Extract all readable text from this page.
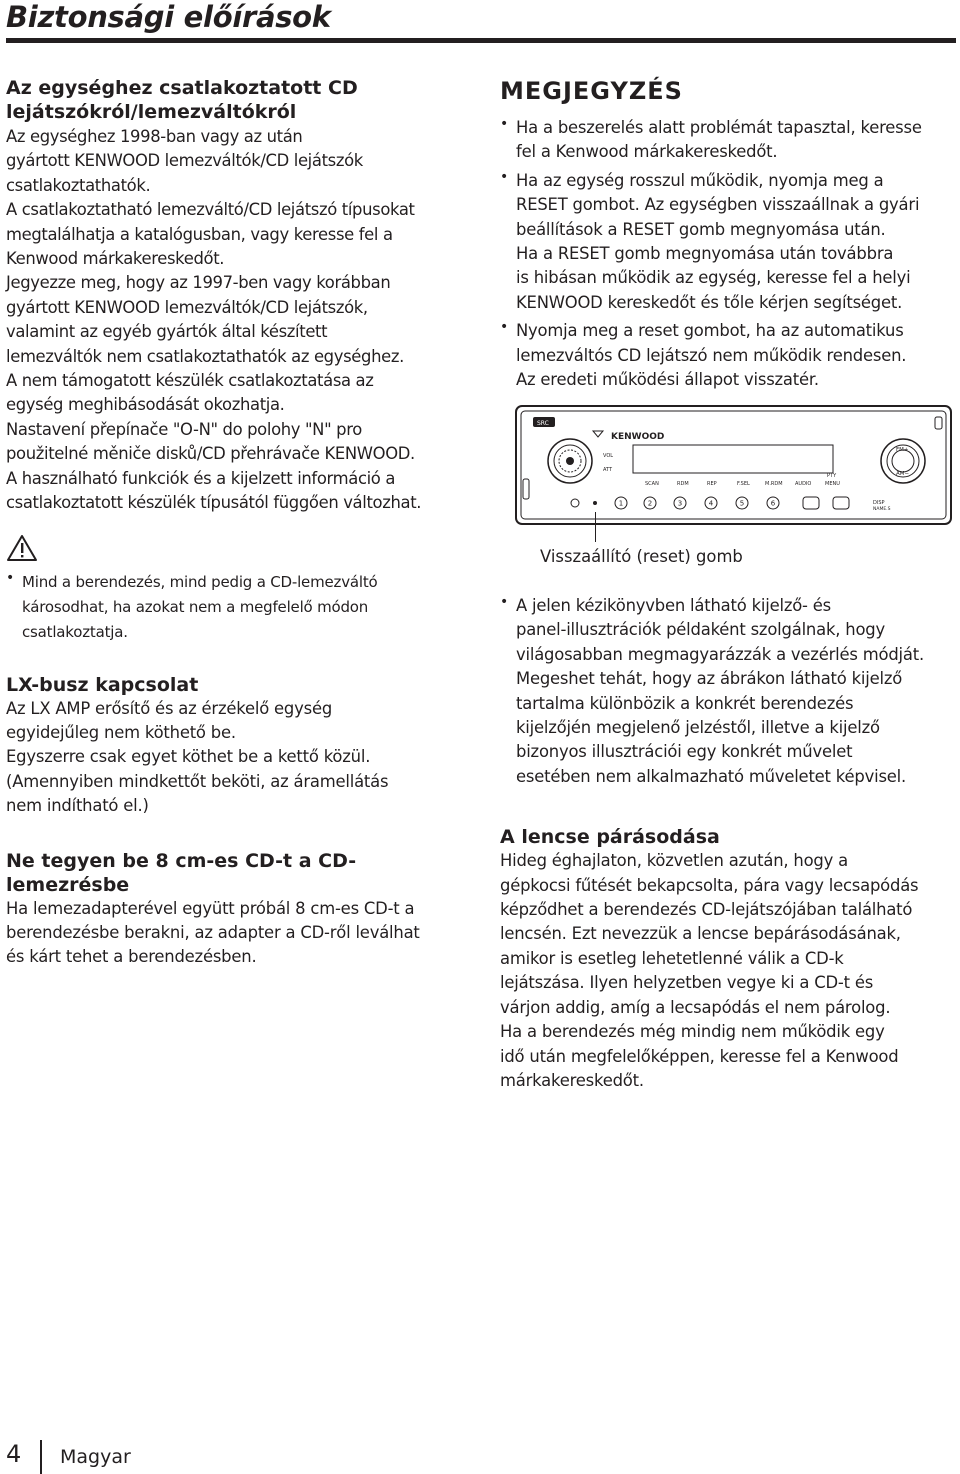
Biztonsági előírások

Az egységhez csatlakoztatott CD

lejátszókról/lemezváltókról

Az egységhez 1998-ban vagy az után

gyártott KENWOOD lemezváltók/CD lejátszók

csatlakoztathatók.

A csatlakoztatható lemezváltó/CD lejátszó típusokat

megtalálhatja a katalógusban, vagy keresse fel a

Kenwood márkakereskedőt.

Jegyezze meg, hogy az 1997-ben vagy korábban

gyártott KENWOOD lemezváltók/CD lejátszók,

valamint az egyéb gyártók által készített

lemezváltók nem csatlakoztathatók az egységhez.

A nem támogatott készülék csatlakoztatása az

egység meghibásodását okozhatja.

Nastavení přepínače "O-N" do polohy "N" pro

použitelné měniče disků/CD přehrávače KENWOOD.

A használható funkciók és a kijelzett információ a

csatlakoztatott készülék típusától függően változhat.

• Mind a berendezés, mind pedig a CD-lemezváltó

károsodhat, ha azokat nem a megfelelő módon

csatlakoztatja.

LX-busz kapcsolat

Az LX AMP erősítő és az érzékelő egység

egyidejűleg nem köthető be.

Egyszerre csak egyet köthet be a kettő közül.

(Amennyiben mindkettőt beköti, az áramellátás

nem indítható el.)

Ne tegyen be 8 cm-es CD-t a CD-

lemezrésbe

Ha lemezadapterével együtt próbál 8 cm-es CD-t a

berendezésbe berakni, az adapter a CD-ről leválhat

és kárt tehet a berendezésben.

MEGJEGYZÉS

• Ha a beszerelés alatt problémát tapasztal, keresse

fel a Kenwood márkakereskedőt.

• Ha az egység rosszul működik, nyomja meg a

RESET gombot. Az egységben visszaállnak a gyári

beállítások a RESET gomb megnyomása után.

Ha a RESET gomb megnyomása után továbbra

is hibásan működik az egység, keresse fel a helyi

KENWOOD kereskedőt és tőle kérjen segítséget.

• Nyomja meg a reset gombot, ha az automatikus

lemezváltós CD lejátszó nem működik rendesen.

Az eredeti működési állapot visszatér.

SRC
FM+
AM−
VOL
ATT
KENWOOD
SCAN	RDM	REP	F.SEL	M.RDM AUDIO	MENU
PTY
2	3	4	5	6
1	DISP
NAME.S
Visszaállító (reset) gomb
• A jelen kézikönyvben látható kijelző- és

panel-illusztrációk példaként szolgálnak, hogy

világosabban megmagyarázzák a vezérlés módját.

Megeshet tehát, hogy az ábrákon látható kijelző

tartalma különbözik a konkrét berendezés

kijelzőjén megjelenő jelzéstől, illetve a kijelző

bizonyos illusztrációi egy konkrét művelet

esetében nem alkalmazható műveletet képvisel.

A lencse párásodása

Hideg éghajlaton, közvetlen azután, hogy a

gépkocsi fűtését bekapcsolta, pára vagy lecsapódás

képződhet a berendezés CD-lejátszójában található

lencsén. Ezt nevezzük a lencse bepárásodásának,

amikor is esetleg lehetetlenné válik a CD-k

lejátszása. Ilyen helyzetben vegye ki a CD-t és

várjon addig, amíg a lecsapódás el nem párolog.

Ha a berendezés még mindig nem működik egy

idő után megfelelőképpen, keresse fel a Kenwood

márkakereskedőt.

4 Magyar
